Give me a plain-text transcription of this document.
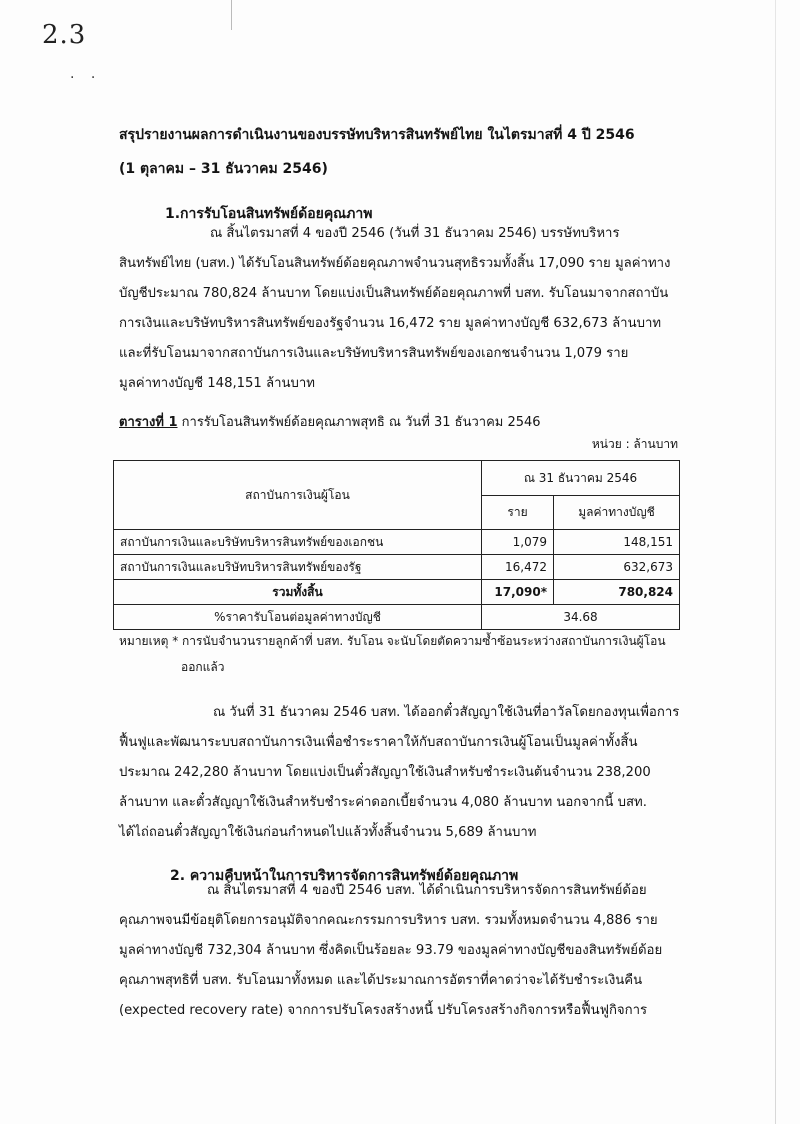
2.3
. .
สรุปรายงานผลการดำเนินงานของบรรษัทบริหารสินทรัพย์ไทย ในไตรมาสที่ 4 ปี 2546
(1 ตุลาคม – 31 ธันวาคม 2546)
1.การรับโอนสินทรัพย์ด้อยคุณภาพ
ณ สิ้นไตรมาสที่ 4 ของปี 2546 (วันที่ 31 ธันวาคม 2546) บรรษัทบริหาร
สินทรัพย์ไทย (บสท.) ได้รับโอนสินทรัพย์ด้อยคุณภาพจำนวนสุทธิรวมทั้งสิ้น 17,090 ราย มูลค่าทาง
บัญชีประมาณ 780,824 ล้านบาท โดยแบ่งเป็นสินทรัพย์ด้อยคุณภาพที่ บสท. รับโอนมาจากสถาบัน
การเงินและบริษัทบริหารสินทรัพย์ของรัฐจำนวน 16,472 ราย มูลค่าทางบัญชี 632,673 ล้านบาท
และที่รับโอนมาจากสถาบันการเงินและบริษัทบริหารสินทรัพย์ของเอกชนจำนวน 1,079 ราย
มูลค่าทางบัญชี 148,151 ล้านบาท

ตารางที่ 1 การรับโอนสินทรัพย์ด้อยคุณภาพสุทธิ ณ วันที่ 31 ธันวาคม 2546

หน่วย : ล้านบาท
สถาบันการเงินผู้โอน	ณ 31 ธันวาคม 2546	
	ราย	มูลค่าทางบัญชี
สถาบันการเงินและบริษัทบริหารสินทรัพย์ของเอกชน	1,079	148,151
สถาบันการเงินและบริษัทบริหารสินทรัพย์ของรัฐ	16,472	632,673
รวมทั้งสิ้น	17,090*	780,824
%ราคารับโอนต่อมูลค่าทางบัญชี	34.68	

หมายเหตุ * การนับจำนวนรายลูกค้าที่ บสท. รับโอน จะนับโดยตัดความซ้ำซ้อนระหว่างสถาบันการเงินผู้โอน
ออกแล้ว

ณ วันที่ 31 ธันวาคม 2546 บสท. ได้ออกตั๋วสัญญาใช้เงินที่อาวัลโดยกองทุนเพื่อการ
ฟื้นฟูและพัฒนาระบบสถาบันการเงินเพื่อชำระราคาให้กับสถาบันการเงินผู้โอนเป็นมูลค่าทั้งสิ้น
ประมาณ 242,280 ล้านบาท โดยแบ่งเป็นตั๋วสัญญาใช้เงินสำหรับชำระเงินต้นจำนวน 238,200
ล้านบาท และตั๋วสัญญาใช้เงินสำหรับชำระค่าดอกเบี้ยจำนวน 4,080 ล้านบาท นอกจากนี้ บสท.
ได้ไถ่ถอนตั๋วสัญญาใช้เงินก่อนกำหนดไปแล้วทั้งสิ้นจำนวน 5,689 ล้านบาท
2. ความคืบหน้าในการบริหารจัดการสินทรัพย์ด้อยคุณภาพ
ณ สิ้นไตรมาสที่ 4 ของปี 2546 บสท. ได้ดำเนินการบริหารจัดการสินทรัพย์ด้อย
คุณภาพจนมีข้อยุติโดยการอนุมัติจากคณะกรรมการบริหาร บสท. รวมทั้งหมดจำนวน 4,886 ราย
มูลค่าทางบัญชี 732,304 ล้านบาท ซึ่งคิดเป็นร้อยละ 93.79 ของมูลค่าทางบัญชีของสินทรัพย์ด้อย
คุณภาพสุทธิที่ บสท. รับโอนมาทั้งหมด และได้ประมาณการอัตราที่คาดว่าจะได้รับชำระเงินคืน
(expected recovery rate) จากการปรับโครงสร้างหนี้ ปรับโครงสร้างกิจการหรือฟื้นฟูกิจการ
